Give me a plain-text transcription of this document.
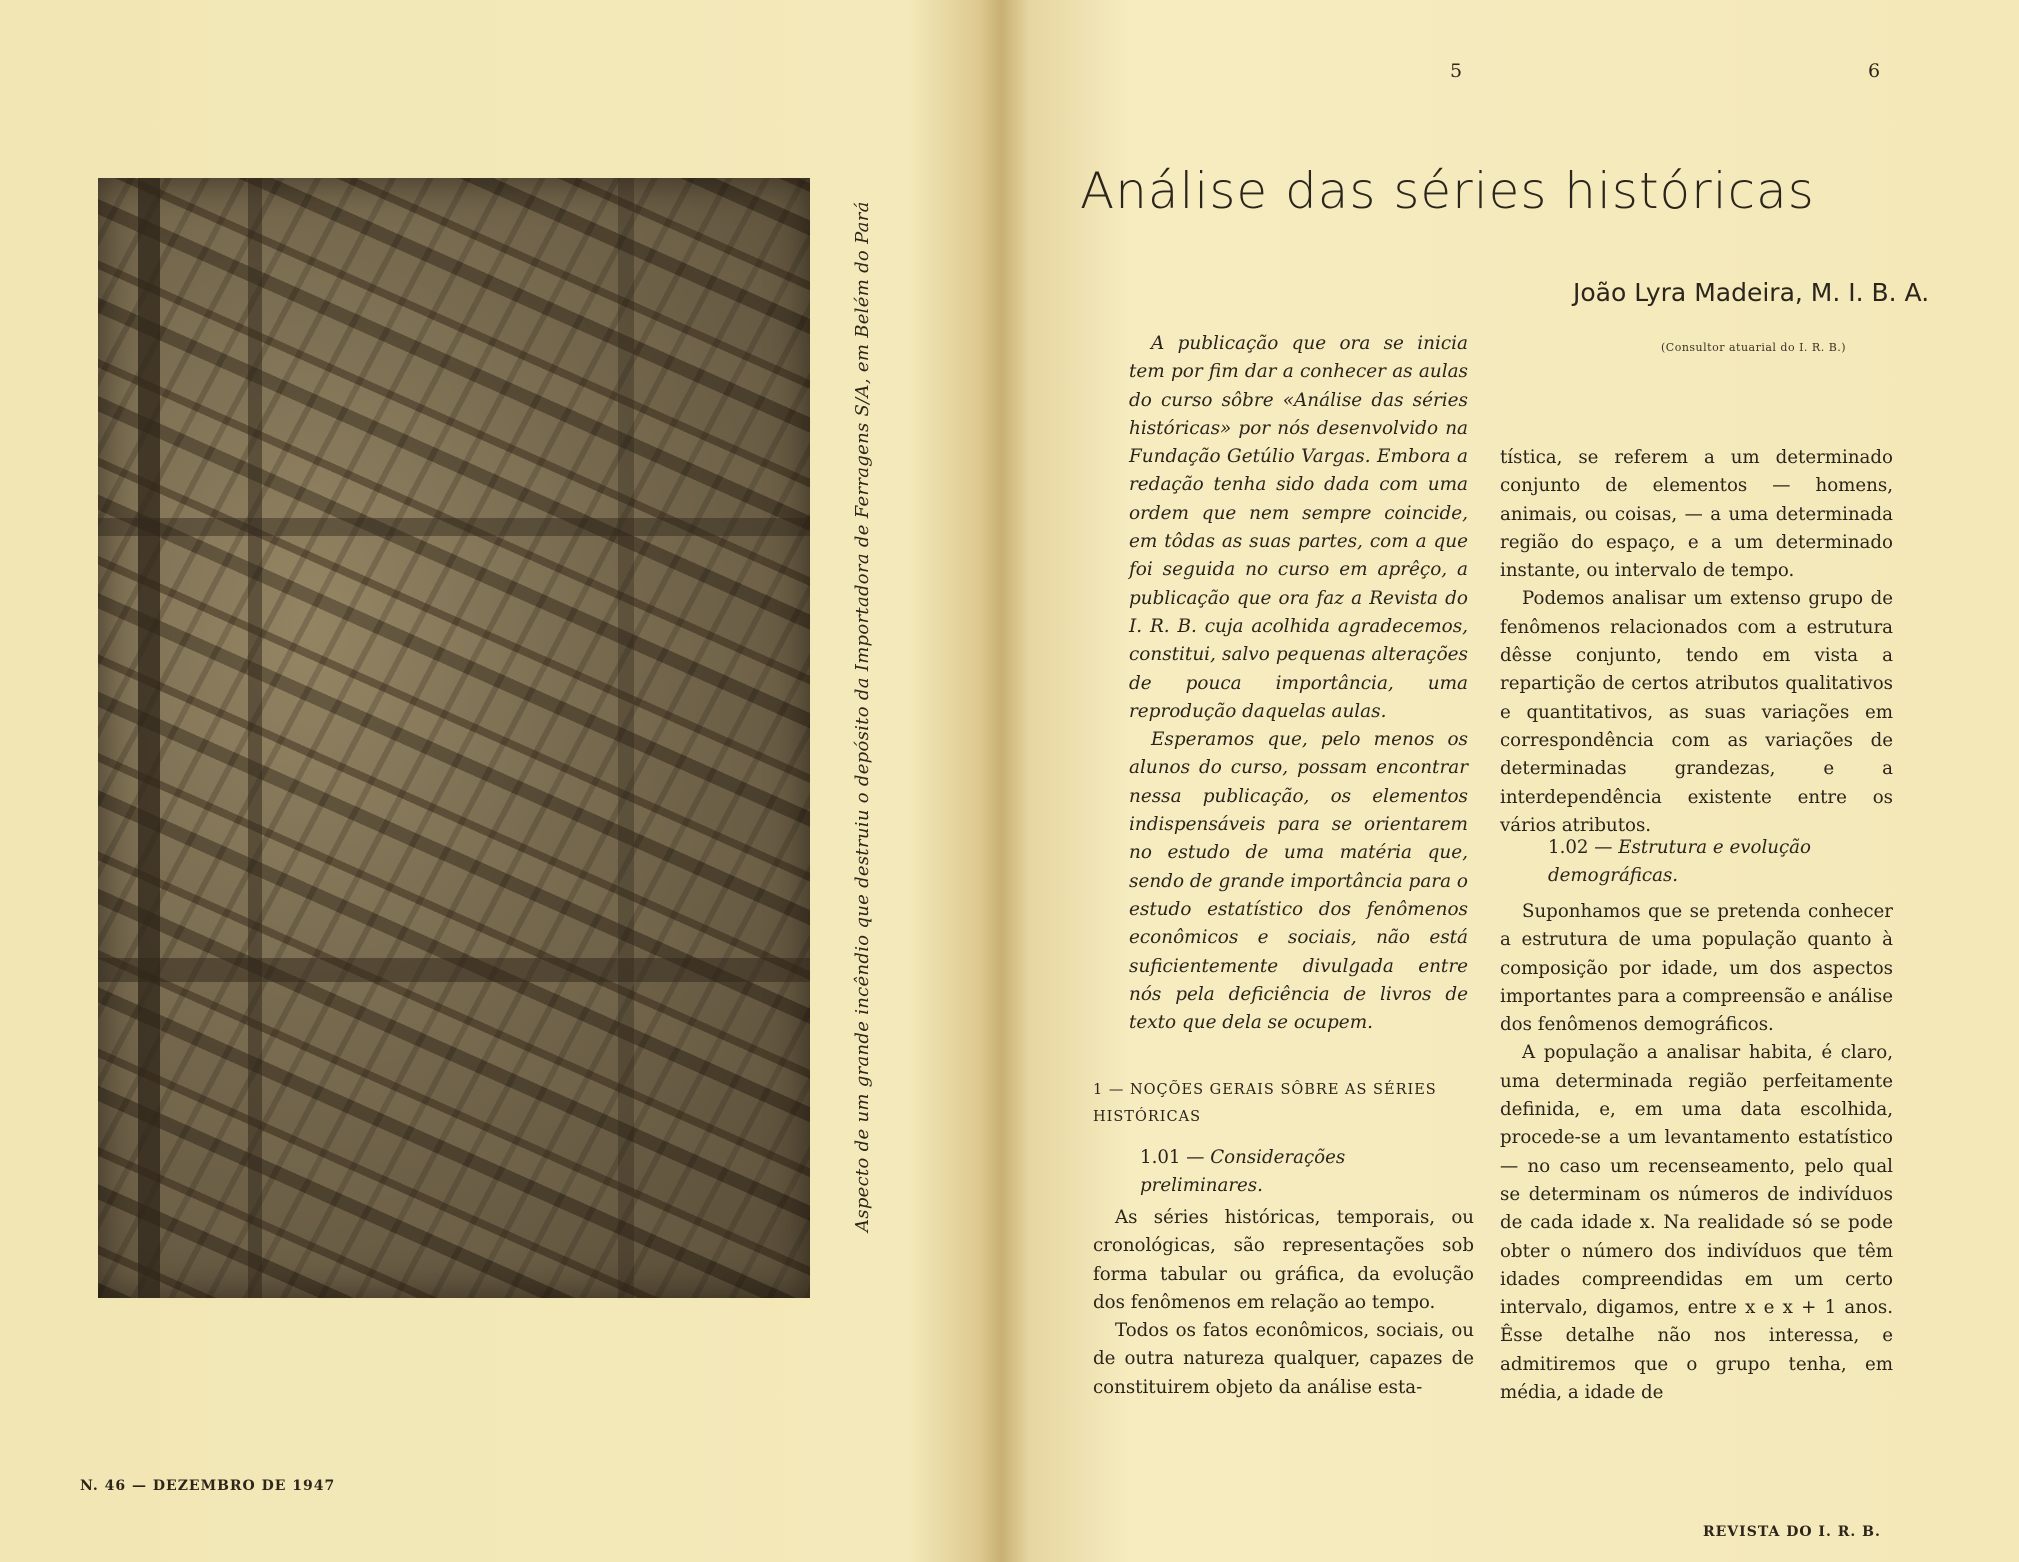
Aspecto de um grande incêndio que destruiu o depósito da Importadora de Ferragens S/A, em Belém do Pará
N. 46 — DEZEMBRO DE 1947
5	6
Análise das séries históricas
João Lyra Madeira, M. I. B. A.
(Consultor atuarial do I. R. B.)

A publicação que ora se inicia tem por fim dar a conhecer as aulas do curso sôbre «Análise das séries históricas» por nós desenvolvido na Fundação Getúlio Vargas. Embora a redação tenha sido dada com uma ordem que nem sempre coincide, em tôdas as suas partes, com a que foi seguida no curso em aprêço, a publicação que ora faz a Revista do I. R. B. cuja acolhida agradecemos, constitui, salvo pequenas alterações de pouca importância, uma reprodução daquelas aulas.

Esperamos que, pelo menos os alunos do curso, possam encontrar nessa publicação, os elementos indispensáveis para se orientarem no estudo de uma matéria que, sendo de grande importância para o estudo estatístico dos fenômenos econômicos e sociais, não está suficientemente divulgada entre nós pela deficiência de livros de texto que dela se ocupem.

1 — NOÇÕES GERAIS SÔBRE AS SÉRIES HISTÓRICAS
1.01 — Considerações preliminares.

As séries históricas, temporais, ou cronológicas, são representações sob forma tabular ou gráfica, da evolução dos fenômenos em relação ao tempo.

Todos os fatos econômicos, sociais, ou de outra natureza qualquer, capazes de constituirem objeto da análise esta-

tística, se referem a um determinado conjunto de elementos — homens, animais, ou coisas, — a uma determinada região do espaço, e a um determinado instante, ou intervalo de tempo.

Podemos analisar um extenso grupo de fenômenos relacionados com a estrutura dêsse conjunto, tendo em vista a repartição de certos atributos qualitativos e quantitativos, as suas variações em correspondência com as variações de determinadas grandezas, e a interdependência existente entre os vários atributos.

1.02 — Estrutura e evolução demográficas.

Suponhamos que se pretenda conhecer a estrutura de uma população quanto à composição por idade, um dos aspectos importantes para a compreensão e análise dos fenômenos demográficos.

A população a analisar habita, é claro, uma determinada região perfeitamente definida, e, em uma data escolhida, procede-se a um levantamento estatístico — no caso um recenseamento, pelo qual se determinam os números de indivíduos de cada idade x. Na realidade só se pode obter o número dos indivíduos que têm idades compreendidas em um certo intervalo, digamos, entre x e x + 1 anos. Êsse detalhe não nos interessa, e admitiremos que o grupo tenha, em média, a idade de

REVISTA DO I. R. B.
